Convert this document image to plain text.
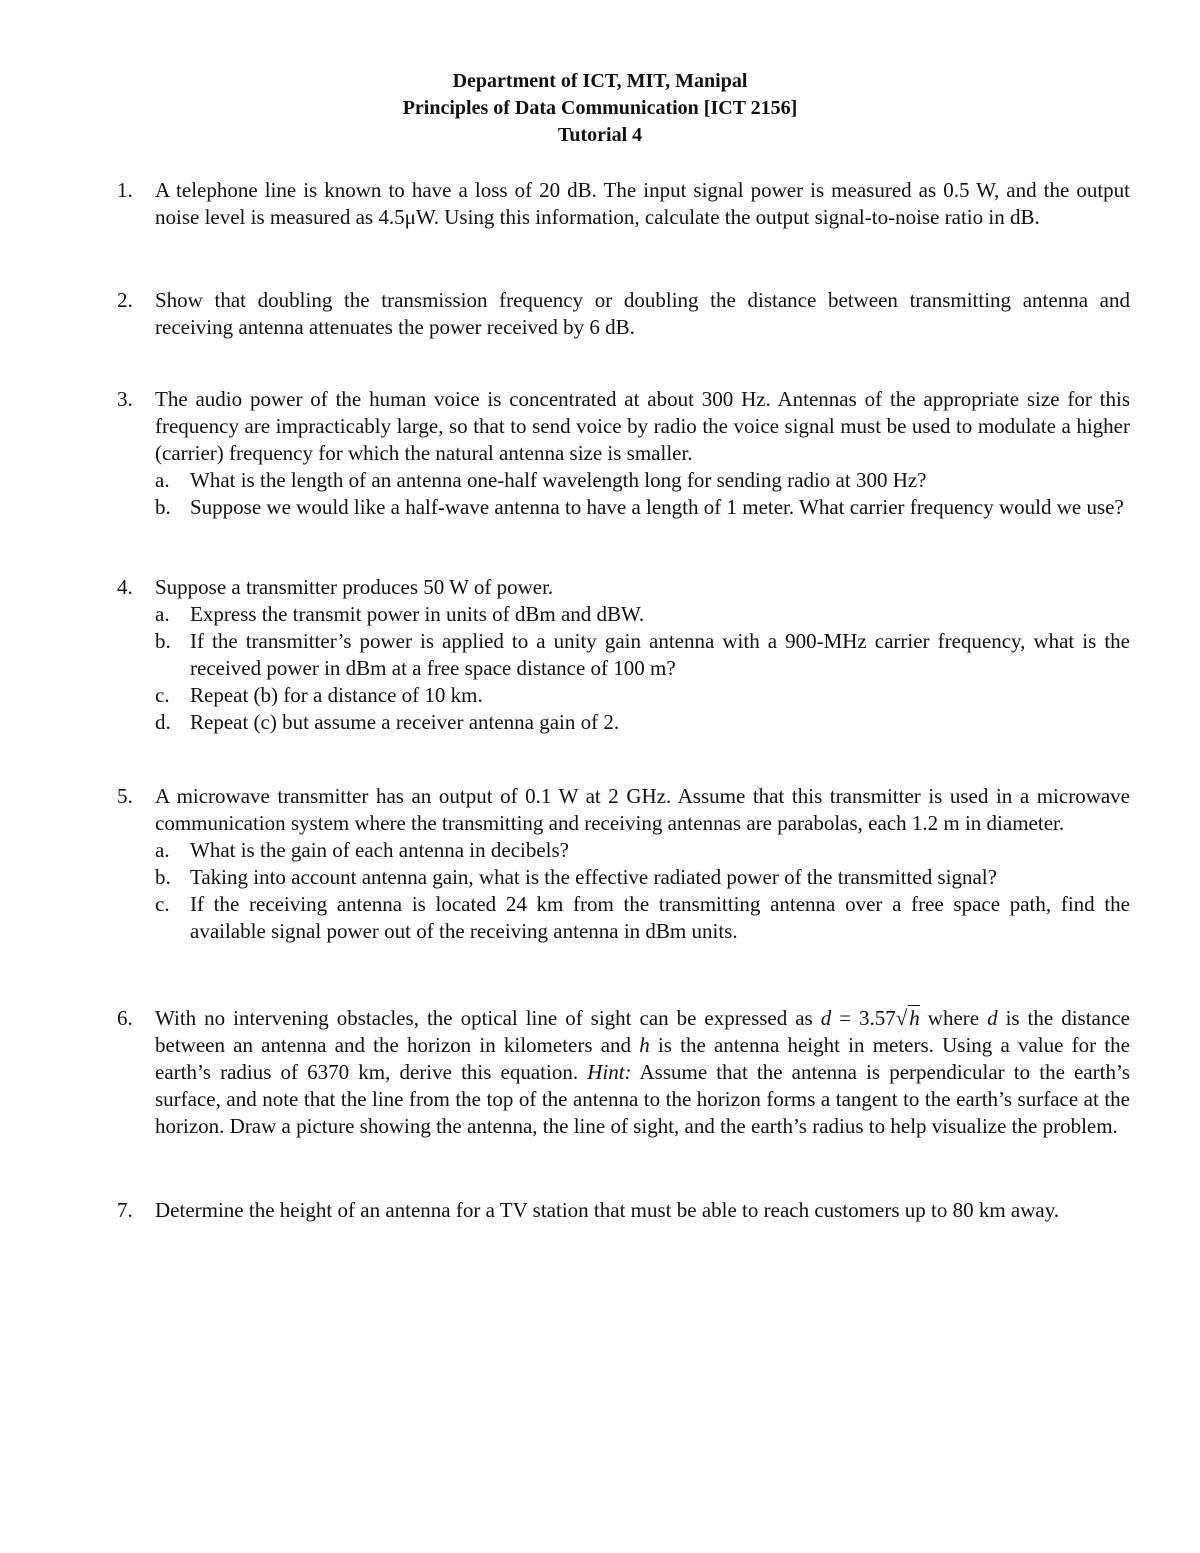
Department of ICT, MIT, Manipal
Principles of Data Communication [ICT 2156]
Tutorial 4
1.	A telephone line is known to have a loss of 20 dB. The input signal power is measured as 0.5 W, and the output noise level is measured as 4.5μW. Using this information, calculate the output signal-to-noise ratio in dB.
2.	Show that doubling the transmission frequency or doubling the distance between transmitting antenna and receiving antenna attenuates the power received by 6 dB.
3.	The audio power of the human voice is concentrated at about 300 Hz. Antennas of the appropriate size for this frequency are impracticably large, so that to send voice by radio the voice signal must be used to modulate a higher (carrier) frequency for which the natural antenna size is smaller.
a. What is the length of an antenna one-half wavelength long for sending radio at 300 Hz?
b. Suppose we would like a half-wave antenna to have a length of 1 meter. What carrier frequency would we use?
4.	Suppose a transmitter produces 50 W of power.
a. Express the transmit power in units of dBm and dBW.
b. If the transmitter’s power is applied to a unity gain antenna with a 900-MHz carrier frequency, what is the received power in dBm at a free space distance of 100 m?
c. Repeat (b) for a distance of 10 km.
d. Repeat (c) but assume a receiver antenna gain of 2.
5.	A microwave transmitter has an output of 0.1 W at 2 GHz. Assume that this transmitter is used in a microwave communication system where the transmitting and receiving antennas are parabolas, each 1.2 m in diameter.
a. What is the gain of each antenna in decibels?
b. Taking into account antenna gain, what is the effective radiated power of the transmitted signal?
c. If the receiving antenna is located 24 km from the transmitting antenna over a free space path, find the available signal power out of the receiving antenna in dBm units.
6.	With no intervening obstacles, the optical line of sight can be expressed as d = 3.57√h where d is the distance between an antenna and the horizon in kilometers and h is the antenna height in meters. Using a value for the earth’s radius of 6370 km, derive this equation. Hint: Assume that the antenna is perpendicular to the earth’s surface, and note that the line from the top of the antenna to the horizon forms a tangent to the earth’s surface at the horizon. Draw a picture showing the antenna, the line of sight, and the earth’s radius to help visualize the problem.
7.	Determine the height of an antenna for a TV station that must be able to reach customers up to 80 km away.
